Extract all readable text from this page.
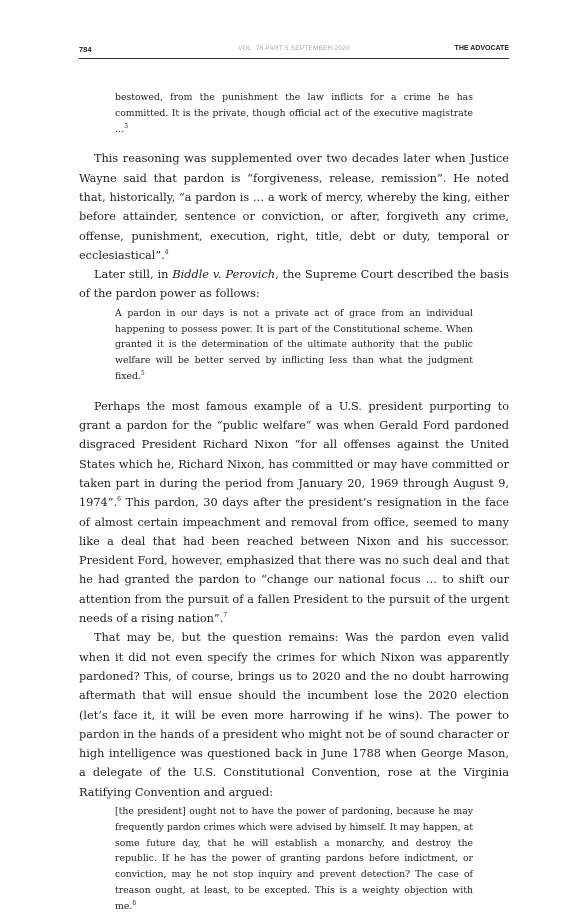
784	VOL. 78 PART 5 SEPTEMBER 2020	THE ADVOCATE

bestowed, from the punishment the law inflicts for a crime he has committed. It is the private, though official act of the executive magistrate …$^3$

This reasoning was supplemented over two decades later when Justice Wayne said that pardon is “forgiveness, release, remission”. He noted that, historically, “a pardon is … a work of mercy, whereby the king, either before attainder, sentence or conviction, or after, forgiveth any crime, offense, punishment, execution, right, title, debt or duty, temporal or ecclesiastical”.$^4$

Later still, in Biddle v. Perovich, the Supreme Court described the basis of the pardon power as follows:

A pardon in our days is not a private act of grace from an individual happening to possess power. It is part of the Constitutional scheme. When granted it is the determination of the ultimate authority that the public welfare will be better served by inflicting less than what the judgment fixed.$^5$

Perhaps the most famous example of a U.S. president purporting to grant a pardon for the “public welfare” was when Gerald Ford pardoned disgraced President Richard Nixon “for all offenses against the United States which he, Richard Nixon, has committed or may have committed or taken part in during the period from January 20, 1969 through August 9, 1974”.$^6$ This pardon, 30 days after the president’s resignation in the face of almost certain impeachment and removal from office, seemed to many like a deal that had been reached between Nixon and his successor. President Ford, however, emphasized that there was no such deal and that he had granted the pardon to “change our national focus … to shift our attention from the pursuit of a fallen President to the pursuit of the urgent needs of a rising nation”.$^7$

That may be, but the question remains: Was the pardon even valid when it did not even specify the crimes for which Nixon was apparently pardoned? This, of course, brings us to 2020 and the no doubt harrowing aftermath that will ensue should the incumbent lose the 2020 election (let’s face it, it will be even more harrowing if he wins). The power to pardon in the hands of a president who might not be of sound character or high intelligence was questioned back in June 1788 when George Mason, a delegate of the U.S. Constitutional Convention, rose at the Virginia Ratifying Convention and argued:

[the president] ought not to have the power of pardoning, because he may frequently pardon crimes which were advised by himself. It may happen, at some future day, that he will establish a monarchy, and destroy the republic. If he has the power of granting pardons before indictment, or conviction, may he not stop inquiry and prevent detection? The case of treason ought, at least, to be excepted. This is a weighty objection with me.$^8$
